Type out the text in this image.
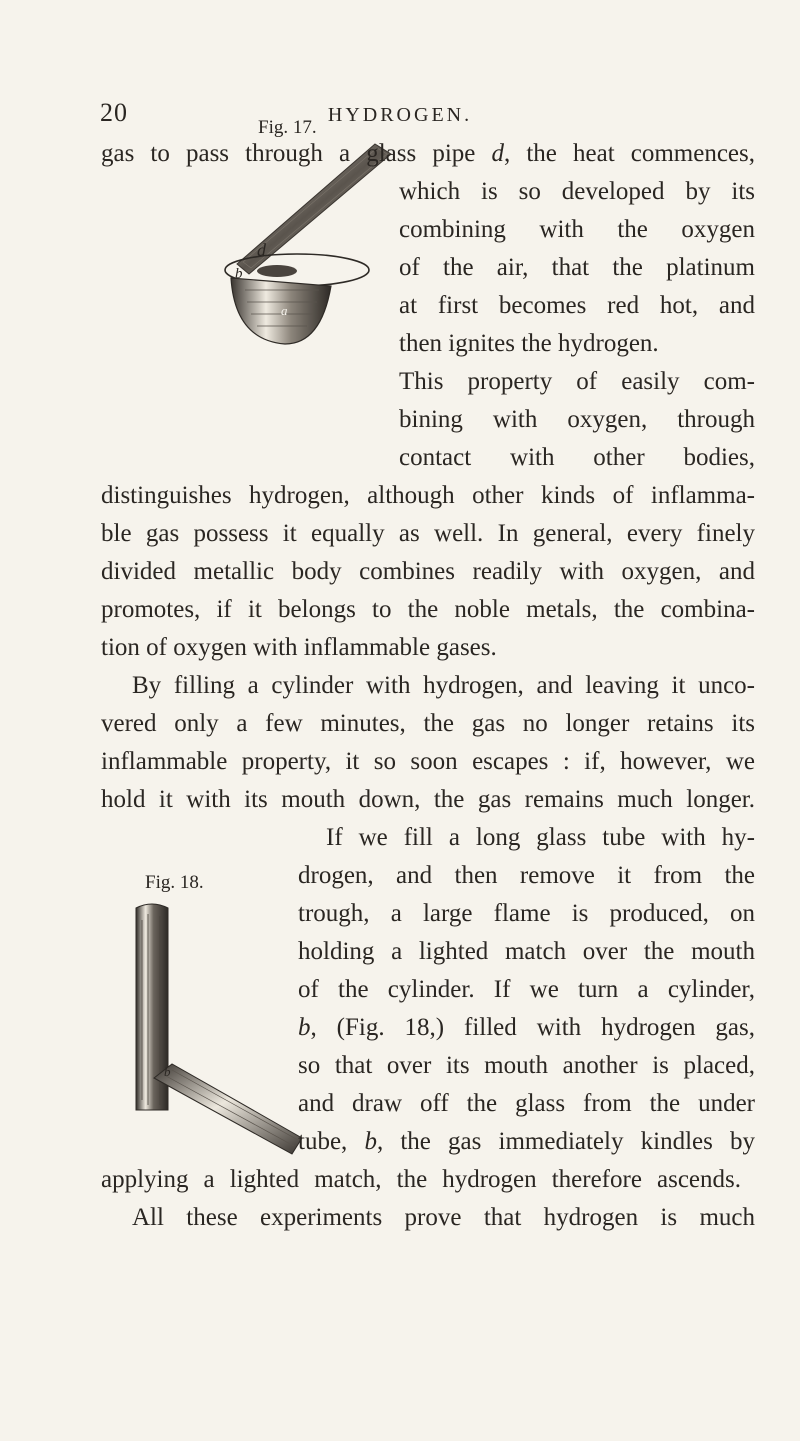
20	HYDROGEN.
Fig. 17.
d
b
a
Fig. 18.
b
gas to pass through a glass pipe d, the heat commences,
which is so developed by its
combining with the oxygen
of the air, that the platinum
at first becomes red hot, and
then ignites the hydrogen.
This property of easily com-
bining with oxygen, through
contact with other bodies,
distinguishes hydrogen, although other kinds of inflamma-
ble gas possess it equally as well. In general, every finely
divided metallic body combines readily with oxygen, and
promotes, if it belongs to the noble metals, the combina-
tion of oxygen with inflammable gases.
By filling a cylinder with hydrogen, and leaving it unco-
vered only a few minutes, the gas no longer retains its
inflammable property, it so soon escapes : if, however, we
hold it with its mouth down, the gas remains much longer.
If we fill a long glass tube with hy-
drogen, and then remove it from the
trough, a large flame is produced, on
holding a lighted match over the mouth
of the cylinder. If we turn a cylinder,
b, (Fig. 18,) filled with hydrogen gas,
so that over its mouth another is placed,
and draw off the glass from the under
tube, b, the gas immediately kindles by
applying a lighted match, the hydrogen therefore ascends.
All these experiments prove that hydrogen is much
